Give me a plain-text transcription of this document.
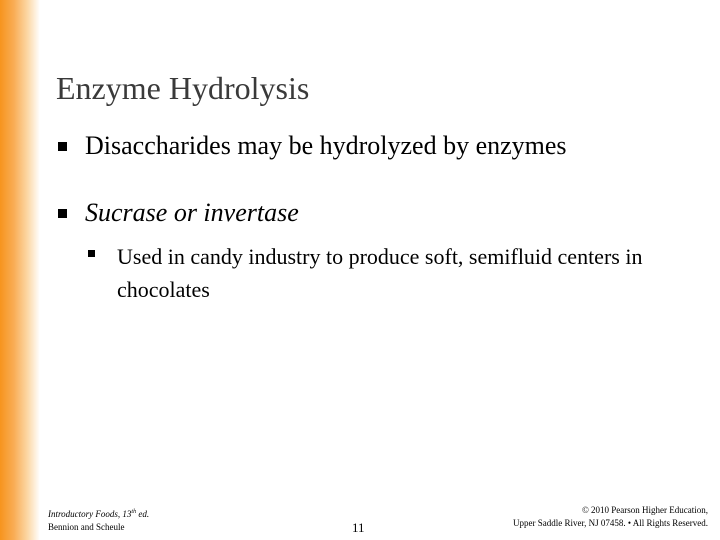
Enzyme Hydrolysis
Disaccharides may be hydrolyzed by enzymes
Sucrase or invertase
Used in candy industry to produce soft, semifluid centers in chocolates
Introductory Foods, 13th ed.
Bennion and Scheule	11
© 2010 Pearson Higher Education,
Upper Saddle River, NJ 07458. • All Rights Reserved.
